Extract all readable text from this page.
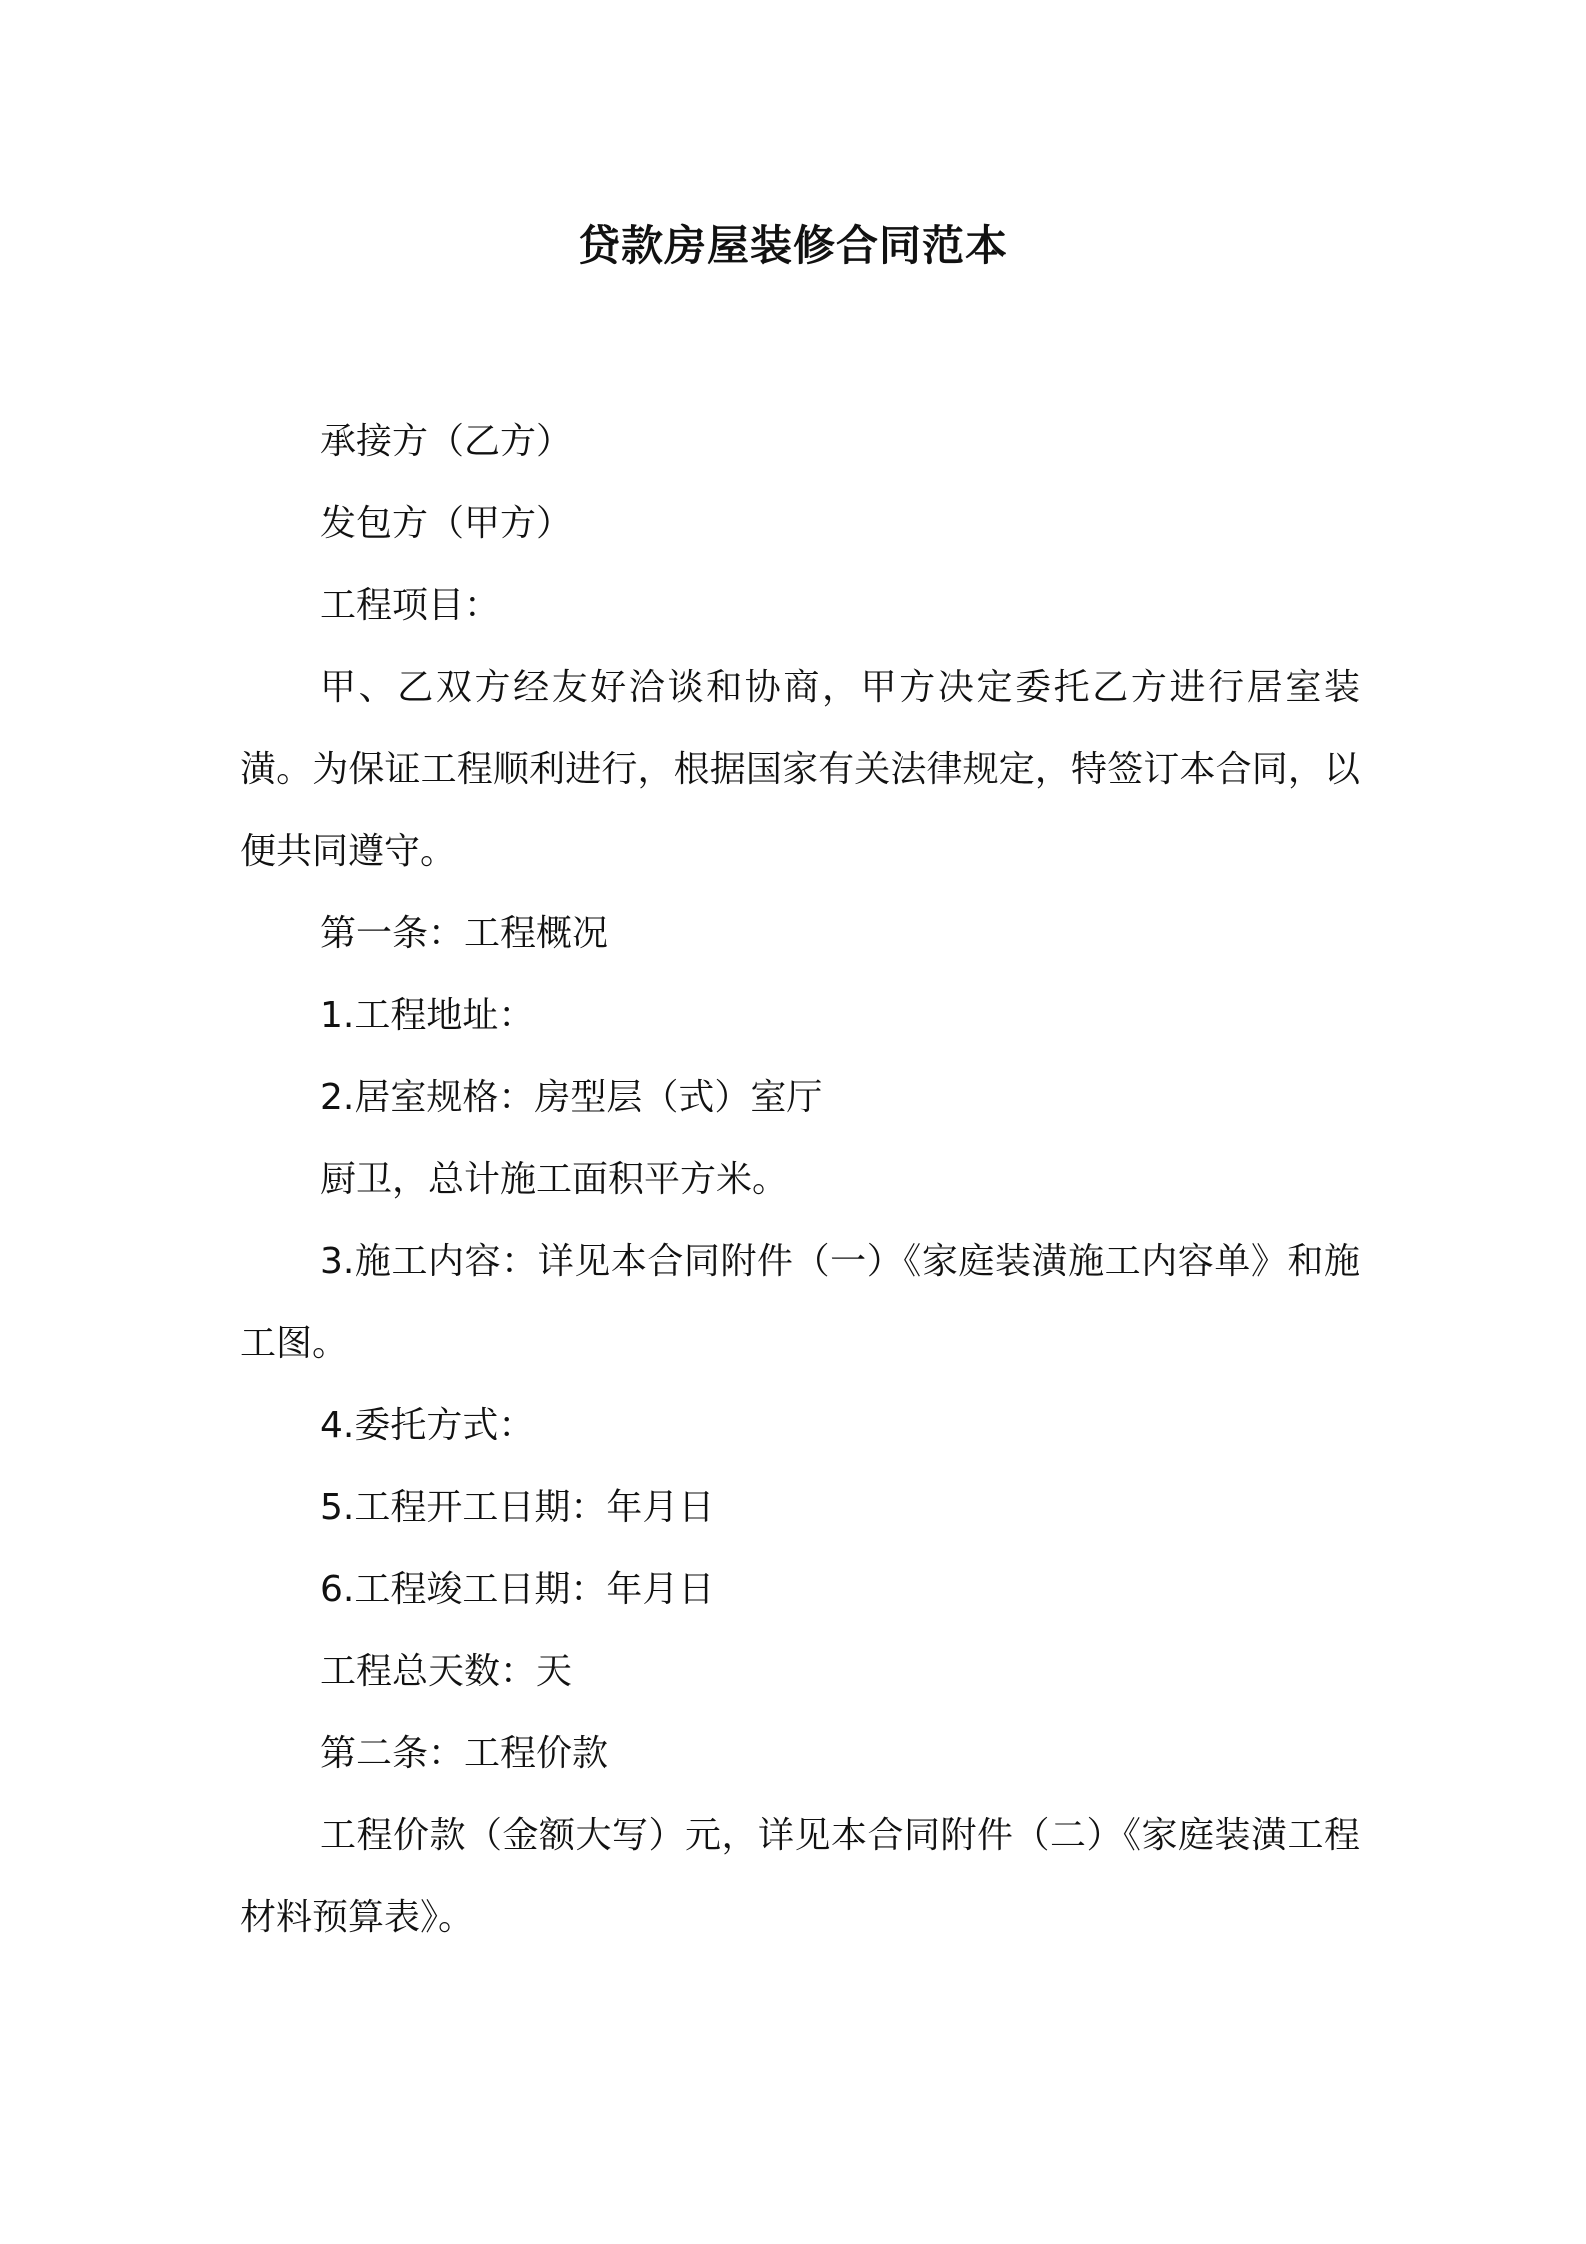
贷款房屋装修合同范本

承接方（乙方）

发包方（甲方）

工程项目：

甲、乙双方经友好洽谈和协商，甲方决定委托乙方进行居室装潢。为保证工程顺利进行，根据国家有关法律规定，特签订本合同，以便共同遵守。

第一条：工程概况

1.工程地址：

2.居室规格：房型层（式）室厅

厨卫，总计施工面积平方米。

3.施工内容：详见本合同附件（一）《家庭装潢施工内容单》和施工图。

4.委托方式：

5.工程开工日期：年月日

6.工程竣工日期：年月日

工程总天数：天

第二条：工程价款

工程价款（金额大写）元，详见本合同附件（二）《家庭装潢工程材料预算表》。
